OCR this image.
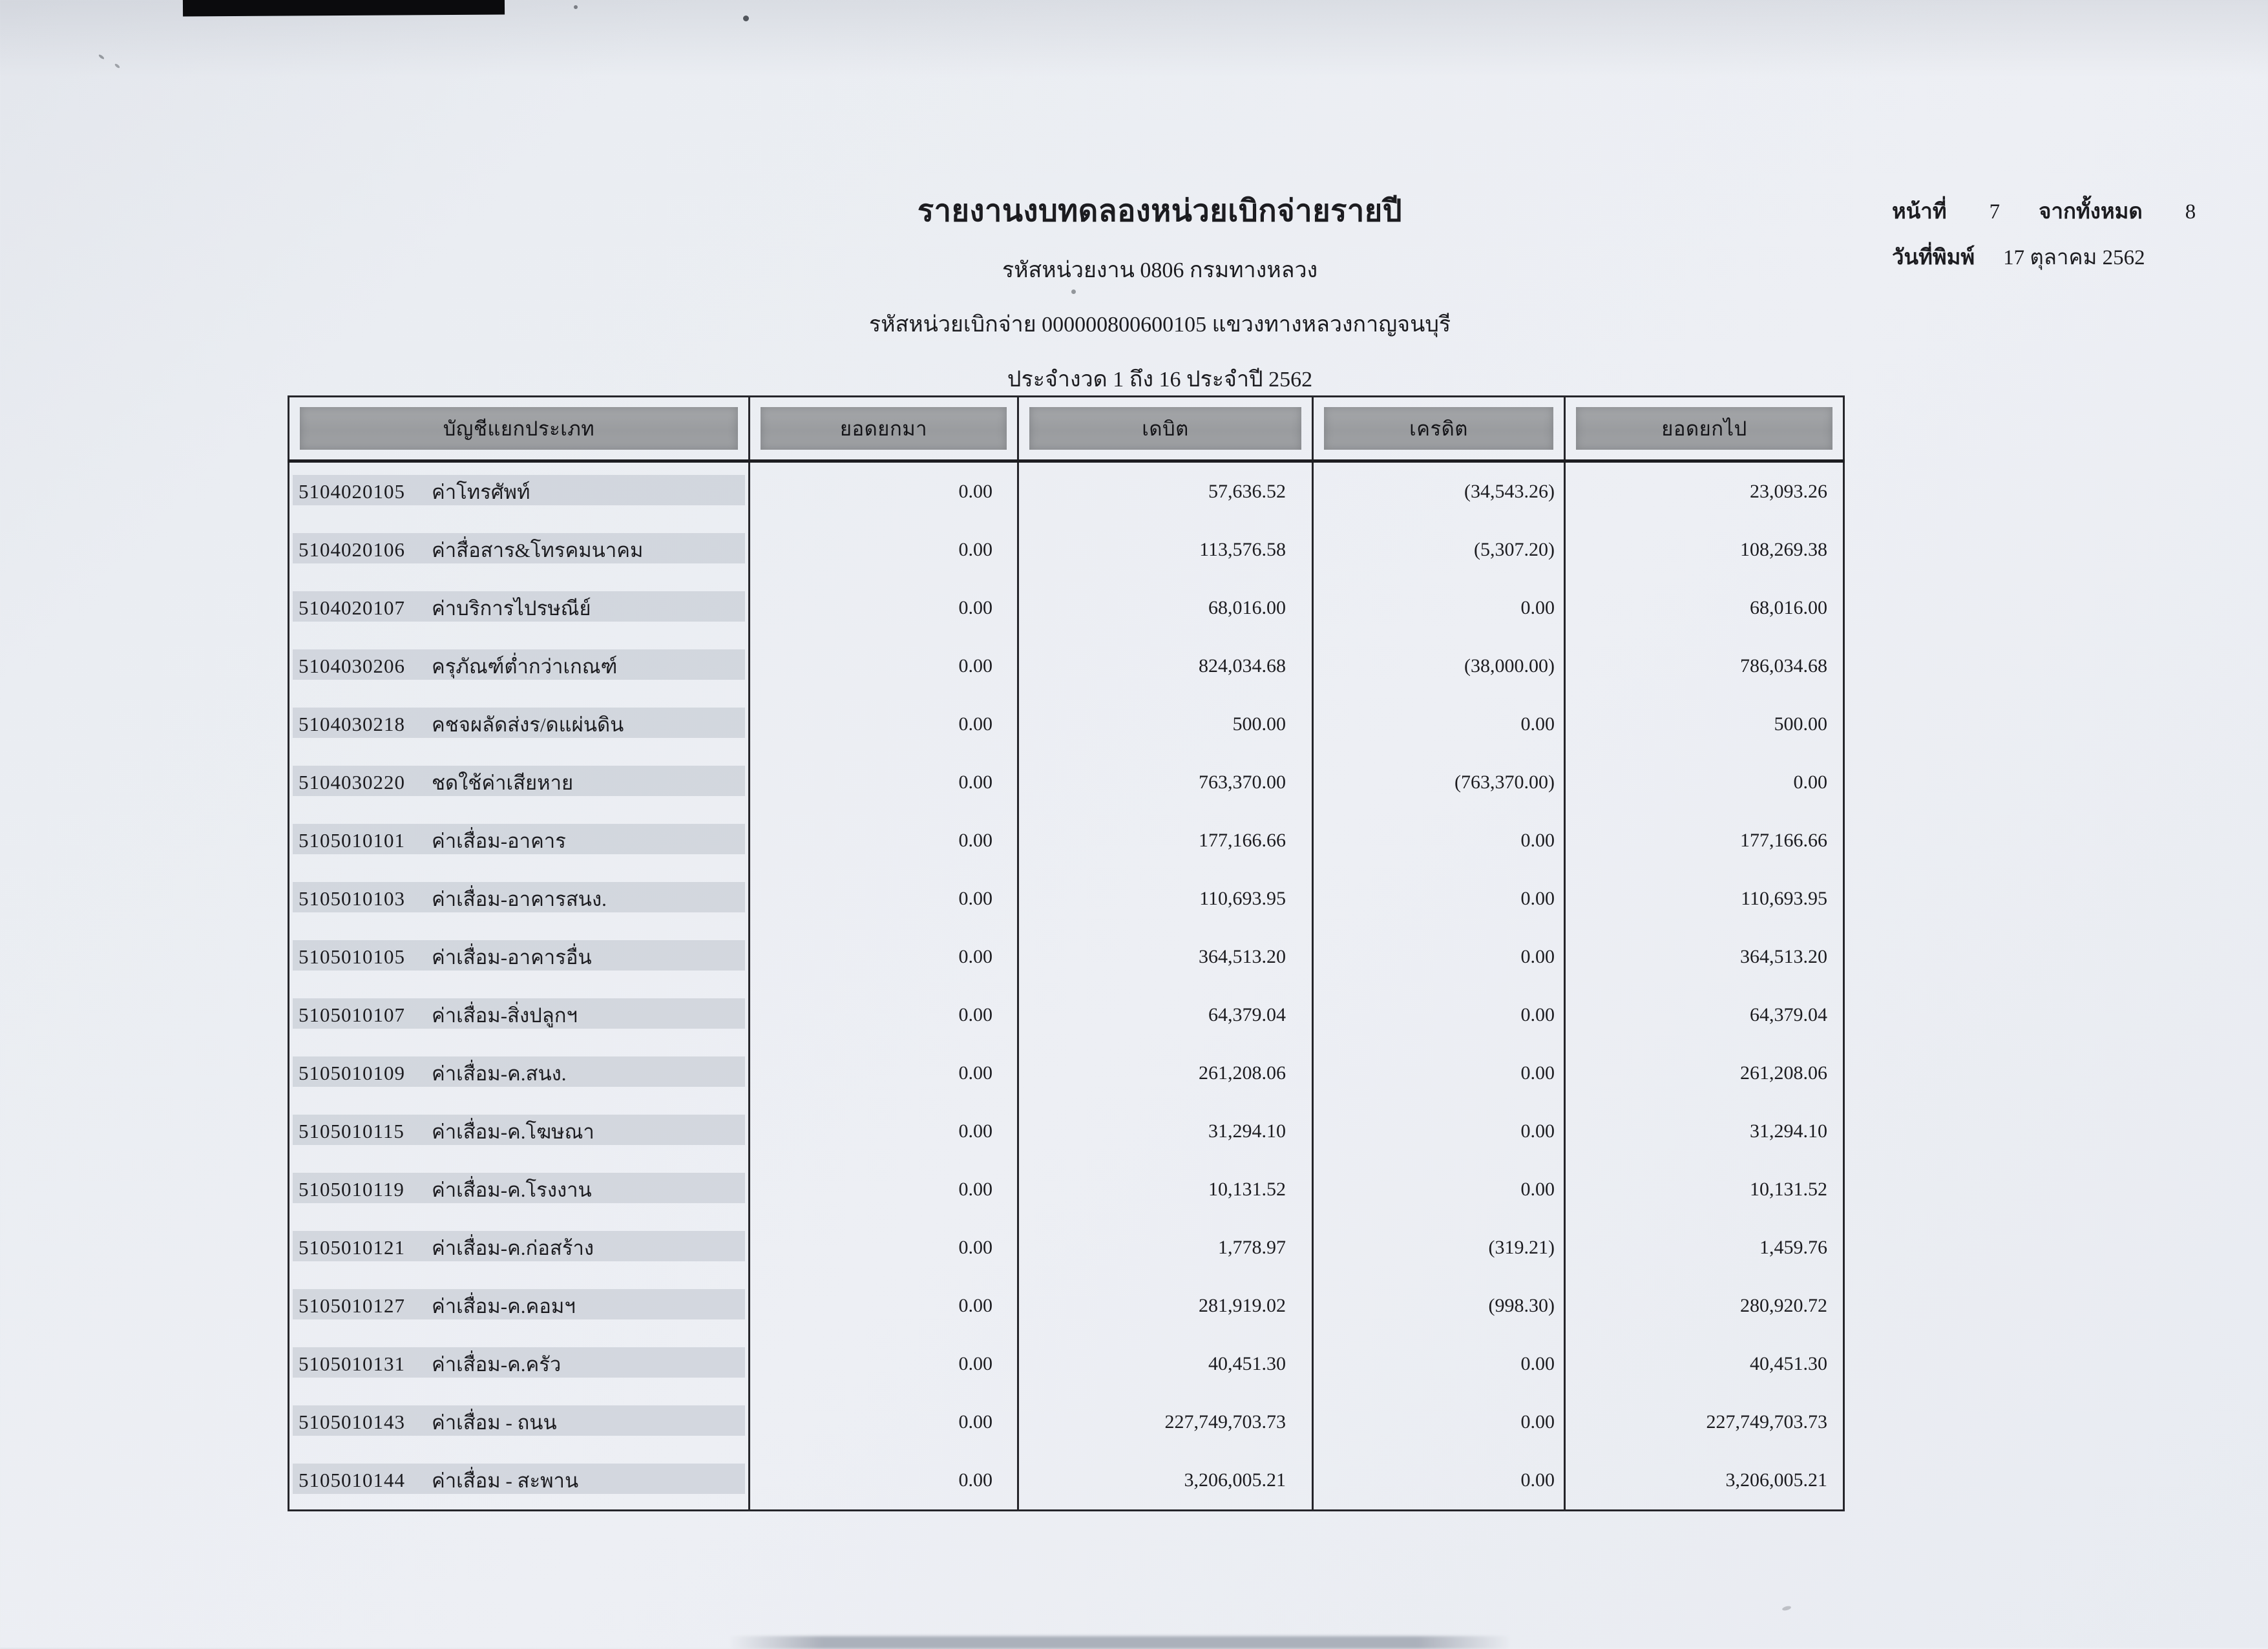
รายงานงบทดลองหน่วยเบิกจ่ายรายปี
รหัสหน่วยงาน 0806 กรมทางหลวง
รหัสหน่วยเบิกจ่าย 000000800600105 แขวงทางหลวงกาญจนบุรี
ประจำงวด 1 ถึง 16 ประจำปี 2562
หน้าที่ 7 จากทั้งหมด 8
วันที่พิมพ์ 17 ตุลาคม 2562
บัญชีแยกประเภท	ยอดยกมา	เดบิต	เครดิต	ยอดยกไป

5104020105 ค่าโทรศัพท์	0.00	57,636.52	(34,543.26)	23,093.26

5104020106 ค่าสื่อสาร&โทรคมนาคม	0.00	113,576.58	(5,307.20)	108,269.38

5104020107 ค่าบริการไปรษณีย์	0.00	68,016.00	0.00	68,016.00

5104030206 ครุภัณฑ์ต่ำกว่าเกณฑ์	0.00	824,034.68	(38,000.00)	786,034.68

5104030218 คชจผลัดส่งร/ดแผ่นดิน	0.00	500.00	0.00	500.00

5104030220 ชดใช้ค่าเสียหาย	0.00	763,370.00	(763,370.00)	0.00

5105010101 ค่าเสื่อม-อาคาร	0.00	177,166.66	0.00	177,166.66

5105010103 ค่าเสื่อม-อาคารสนง.	0.00	110,693.95	0.00	110,693.95

5105010105 ค่าเสื่อม-อาคารอื่น	0.00	364,513.20	0.00	364,513.20

5105010107 ค่าเสื่อม-สิ่งปลูกฯ	0.00	64,379.04	0.00	64,379.04

5105010109 ค่าเสื่อม-ค.สนง.	0.00	261,208.06	0.00	261,208.06

5105010115 ค่าเสื่อม-ค.โฆษณา	0.00	31,294.10	0.00	31,294.10

5105010119 ค่าเสื่อม-ค.โรงงาน	0.00	10,131.52	0.00	10,131.52

5105010121 ค่าเสื่อม-ค.ก่อสร้าง	0.00	1,778.97	(319.21)	1,459.76

5105010127 ค่าเสื่อม-ค.คอมฯ	0.00	281,919.02	(998.30)	280,920.72

5105010131 ค่าเสื่อม-ค.ครัว	0.00	40,451.30	0.00	40,451.30

5105010143 ค่าเสื่อม - ถนน	0.00	227,749,703.73	0.00	227,749,703.73

5105010144 ค่าเสื่อม - สะพาน	0.00	3,206,005.21	0.00	3,206,005.21
